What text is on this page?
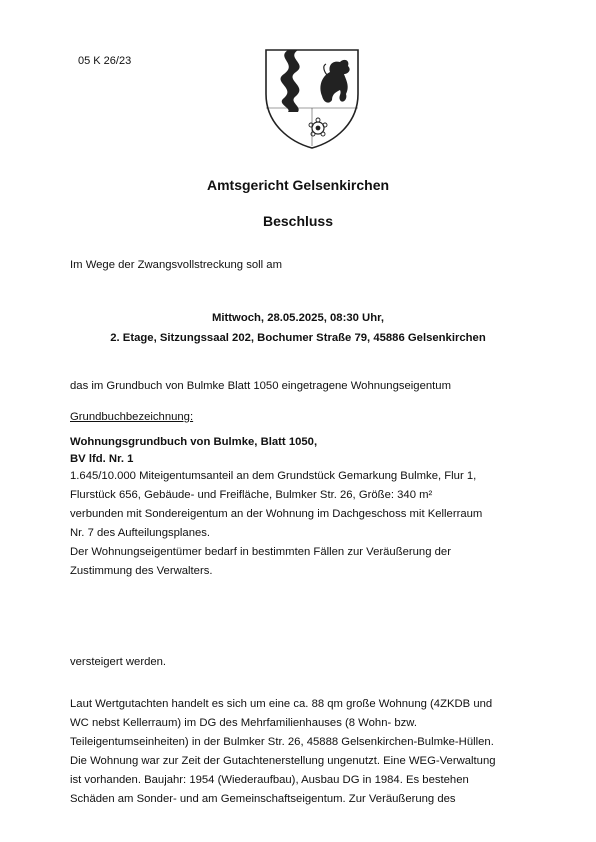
05 K 26/23
Amtsgericht Gelsenkirchen
Beschluss
Im Wege der Zwangsvollstreckung soll am
Mittwoch, 28.05.2025, 08:30 Uhr,
2. Etage, Sitzungssaal 202, Bochumer Straße 79, 45886 Gelsenkirchen
das im Grundbuch von Bulmke Blatt 1050 eingetragene Wohnungseigentum
Grundbuchbezeichnung:
Wohnungsgrundbuch von Bulmke, Blatt 1050,
BV lfd. Nr. 1
1.645/10.000 Miteigentumsanteil an dem Grundstück Gemarkung Bulmke, Flur 1,
Flurstück 656, Gebäude- und Freifläche, Bulmker Str. 26, Größe: 340 m²
verbunden mit Sondereigentum an der Wohnung im Dachgeschoss mit Kellerraum
Nr. 7 des Aufteilungsplanes.
Der Wohnungseigentümer bedarf in bestimmten Fällen zur Veräußerung der
Zustimmung des Verwalters.
versteigert werden.
Laut Wertgutachten handelt es sich um eine ca. 88 qm große Wohnung (4ZKDB und
WC nebst Kellerraum) im DG des Mehrfamilienhauses (8 Wohn- bzw.
Teileigentumseinheiten) in der Bulmker Str. 26, 45888 Gelsenkirchen-Bulmke-Hüllen.
Die Wohnung war zur Zeit der Gutachtenerstellung ungenutzt. Eine WEG-Verwaltung
ist vorhanden. Baujahr: 1954 (Wiederaufbau), Ausbau DG in 1984. Es bestehen
Schäden am Sonder- und am Gemeinschaftseigentum. Zur Veräußerung des
